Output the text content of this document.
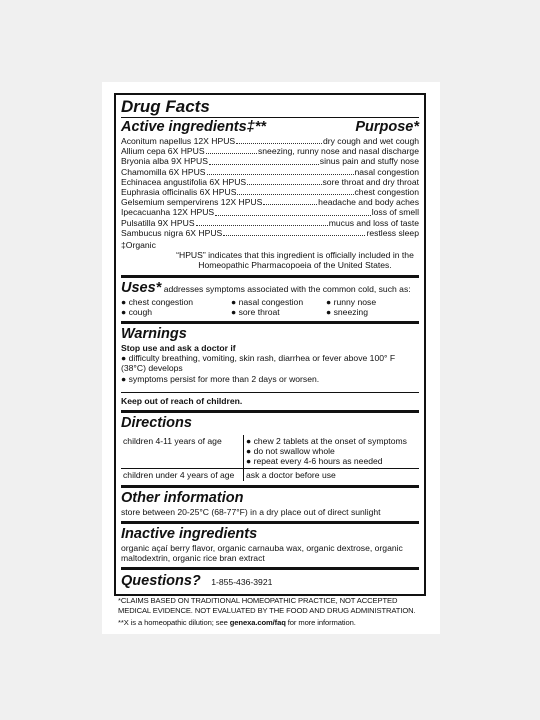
Drug Facts
Active ingredients‡**	Purpose*
Aconitum napellus 12X HPUS	dry cough and wet cough
Allium cepa 6X HPUS	sneezing, runny nose and nasal discharge
Bryonia alba 9X HPUS	sinus pain and stuffy nose
Chamomilla 6X HPUS	nasal congestion
Echinacea angustifolia 6X HPUS	sore throat and dry throat
Euphrasia officinalis 6X HPUS	chest congestion
Gelsemium sempervirens 12X HPUS	headache and body aches
Ipecacuanha 12X HPUS	loss of smell
Pulsatilla 9X HPUS	mucus and loss of taste
Sambucus nigra 6X HPUS	restless sleep
‡Organic
“HPUS” indicates that this ingredient is officially included in the Homeopathic Pharmacopoeia of the United States.
Uses* addresses symptoms associated with the common cold, such as:
● chest congestion	● nasal congestion	● runny nose
● cough	● sore throat	● sneezing
Warnings
Stop use and ask a doctor if
● difficulty breathing, vomiting, skin rash, diarrhea or fever above 100° F (38°C) develops
● symptoms persist for more than 2 days or worsen.
Keep out of reach of children.
Directions
children 4-11 years of age	● chew 2 tablets at the onset of symptoms
● do not swallow whole
● repeat every 4-6 hours as needed

children under 4 years of age	ask a doctor before use
Other information
store between 20-25°C (68-77°F) in a dry place out of direct sunlight
Inactive ingredients
organic açaí berry flavor, organic carnauba wax, organic dextrose, organic maltodextrin, organic rice bran extract
Questions? 1-855-436-3921
*CLAIMS BASED ON TRADITIONAL HOMEOPATHIC PRACTICE, NOT ACCEPTED MEDICAL EVIDENCE. NOT EVALUATED BY THE FOOD AND DRUG ADMINISTRATION.
**X is a homeopathic dilution; see genexa.com/faq for more information.
